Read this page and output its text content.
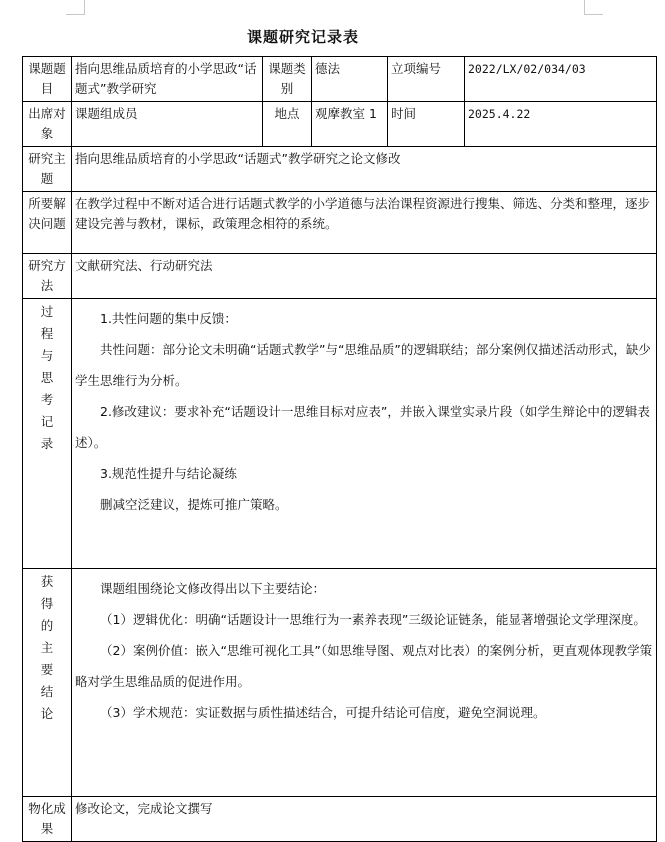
课题研究记录表
课题题目	指向思维品质培育的小学思政“话题式”教学研究	课题类别	德法	立项编号	2022/LX/02/034/03
出席对象	课题组成员	地点	观摩教室 1	时间	2025.4.22
研究主题	指向思维品质培育的小学思政“话题式”教学研究之论文修改				
所要解决问题	在教学过程中不断对适合进行话题式教学的小学道德与法治课程资源进行搜集、筛选、分类和整理，逐步建设完善与教材，课标，政策理念相符的系统。				
研究方法	文献研究法、行动研究法				

过程与思考记录	1.共性问题的集中反馈：

共性问题：部分论文未明确“话题式教学”与“思维品质”的逻辑联结；部分案例仅描述活动形式，缺少学生思维行为分析。

2.修改建议：要求补充“话题设计一思维目标对应表”，并嵌入课堂实录片段（如学生辩论中的逻辑表述）。

3.规范性提升与结论凝练

删减空泛建议，提炼可推广策略。				

获得的主要结论	课题组围绕论文修改得出以下主要结论：

（1）逻辑优化：明确“话题设计一思维行为一素养表现”三级论证链条，能显著增强论文学理深度。

（2）案例价值：嵌入“思维可视化工具”（如思维导图、观点对比表）的案例分析，更直观体现教学策略对学生思维品质的促进作用。

（3）学术规范：实证数据与质性描述结合，可提升结论可信度，避免空洞说理。				

物化成果	修改论文，完成论文撰写				
